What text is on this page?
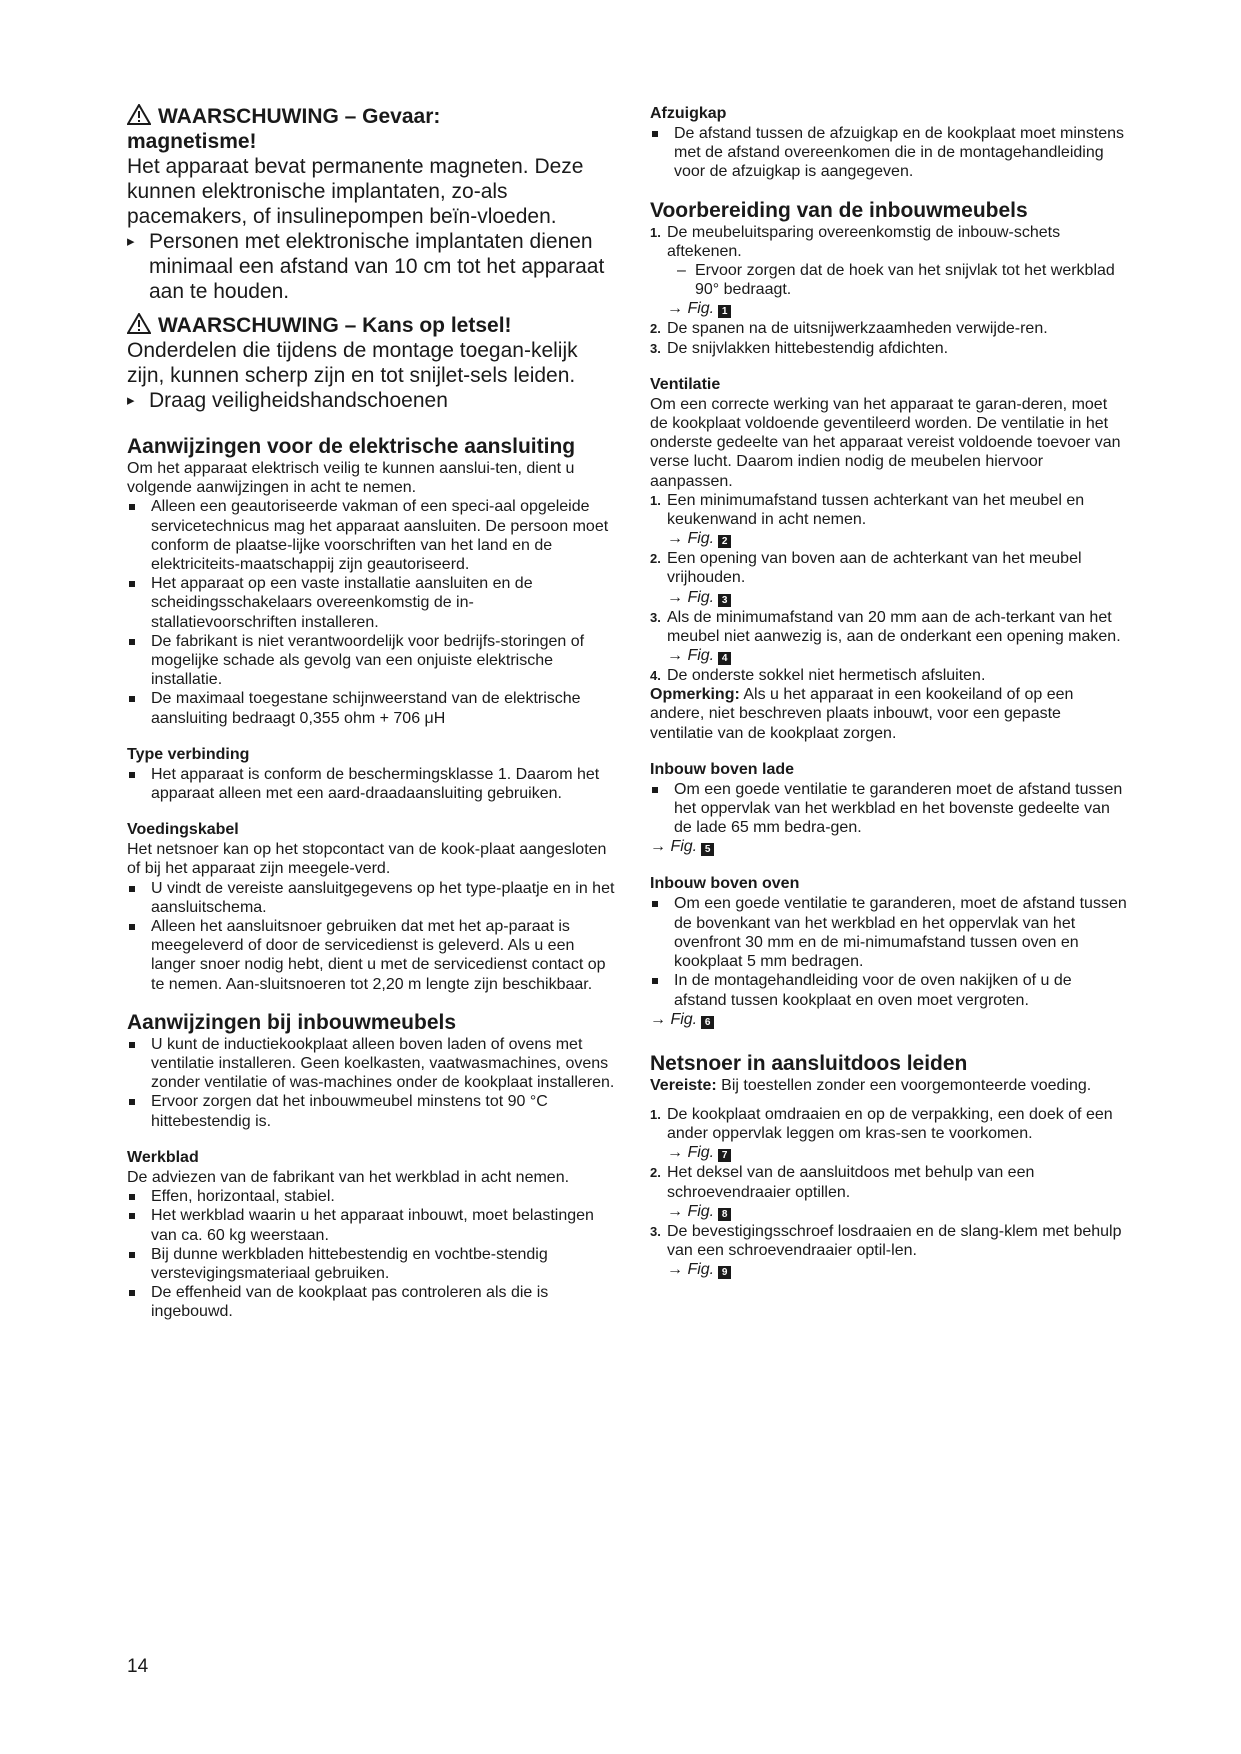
WAARSCHUWING – Gevaar:
magnetisme!

Het apparaat bevat permanente magneten. Deze kunnen elektronische implantaten, zo-als pacemakers, of insulinepompen beïn-vloeden.

▸ Personen met elektronische implantaten dienen minimaal een afstand van 10 cm tot het apparaat aan te houden.

WAARSCHUWING – Kans op letsel!

Onderdelen die tijdens de montage toegan-kelijk zijn, kunnen scherp zijn en tot snijlet-sels leiden.

▸ Draag veiligheidshandschoenen

Aanwijzingen voor de elektrische aansluiting

Om het apparaat elektrisch veilig te kunnen aanslui-ten, dient u volgende aanwijzingen in acht te nemen.

Alleen een geautoriseerde vakman of een speci-aal opgeleide servicetechnicus mag het apparaat aansluiten. De persoon moet conform de plaatse-lijke voorschriften van het land en de elektriciteits-maatschappij zijn geautoriseerd.
Het apparaat op een vaste installatie aansluiten en de scheidingsschakelaars overeenkomstig de in-stallatievoorschriften installeren.
De fabrikant is niet verantwoordelijk voor bedrijfs-storingen of mogelijke schade als gevolg van een onjuiste elektrische installatie.
De maximaal toegestane schijnweerstand van de elektrische aansluiting bedraagt 0,355 ohm + 706 μH
Type verbinding
Het apparaat is conform de beschermingsklasse 1. Daarom het apparaat alleen met een aard-draadaansluiting gebruiken.
Voedingskabel

Het netsnoer kan op het stopcontact van de kook-plaat aangesloten of bij het apparaat zijn meegele-verd.

U vindt de vereiste aansluitgegevens op het type-plaatje en in het aansluitschema.
Alleen het aansluitsnoer gebruiken dat met het ap-paraat is meegeleverd of door de servicedienst is geleverd. Als u een langer snoer nodig hebt, dient u met de servicedienst contact op te nemen. Aan-sluitsnoeren tot 2,20 m lengte zijn beschikbaar.
Aanwijzingen bij inbouwmeubels
U kunt de inductiekookplaat alleen boven laden of ovens met ventilatie installeren. Geen koelkasten, vaatwasmachines, ovens zonder ventilatie of was-machines onder de kookplaat installeren.
Ervoor zorgen dat het inbouwmeubel minstens tot 90 °C hittebestendig is.
Werkblad

De adviezen van de fabrikant van het werkblad in acht nemen.

Effen, horizontaal, stabiel.
Het werkblad waarin u het apparaat inbouwt, moet belastingen van ca. 60 kg weerstaan.
Bij dunne werkbladen hittebestendig en vochtbe-stendig verstevigingsmateriaal gebruiken.
De effenheid van de kookplaat pas controleren als die is ingebouwd.
Afzuigkap
De afstand tussen de afzuigkap en de kookplaat moet minstens met de afstand overeenkomen die in de montagehandleiding voor de afzuigkap is aangegeven.
Voorbereiding van de inbouwmeubels
1. De meubeluitsparing overeenkomstig de inbouw-schets aftekenen.
– Ervoor zorgen dat de hoek van het snijvlak tot het werkblad 90° bedraagt.
→ Fig. 1
2. De spanen na de uitsnijwerkzaamheden verwijde-ren.
3. De snijvlakken hittebestendig afdichten.
Ventilatie

Om een correcte werking van het apparaat te garan-deren, moet de kookplaat voldoende geventileerd worden. De ventilatie in het onderste gedeelte van het apparaat vereist voldoende toevoer van verse lucht. Daarom indien nodig de meubelen hiervoor aanpassen.

1. Een minimumafstand tussen achterkant van het meubel en keukenwand in acht nemen.
→ Fig. 2
2. Een opening van boven aan de achterkant van het meubel vrijhouden.
→ Fig. 3
3. Als de minimumafstand van 20 mm aan de ach-terkant van het meubel niet aanwezig is, aan de onderkant een opening maken.
→ Fig. 4
4. De onderste sokkel niet hermetisch afsluiten.

Opmerking: Als u het apparaat in een kookeiland of op een andere, niet beschreven plaats inbouwt, voor een gepaste ventilatie van de kookplaat zorgen.

Inbouw boven lade
Om een goede ventilatie te garanderen moet de afstand tussen het oppervlak van het werkblad en het bovenste gedeelte van de lade 65 mm bedra-gen.
→ Fig. 5
Inbouw boven oven
Om een goede ventilatie te garanderen, moet de afstand tussen de bovenkant van het werkblad en het oppervlak van het ovenfront 30 mm en de mi-nimumafstand tussen oven en kookplaat 5 mm bedragen.
In de montagehandleiding voor de oven nakijken of u de afstand tussen kookplaat en oven moet vergroten.
→ Fig. 6
Netsnoer in aansluitdoos leiden

Vereiste: Bij toestellen zonder een voorgemonteerde voeding.

1. De kookplaat omdraaien en op de verpakking, een doek of een ander oppervlak leggen om kras-sen te voorkomen.
→ Fig. 7
2. Het deksel van de aansluitdoos met behulp van een schroevendraaier optillen.
→ Fig. 8
3. De bevestigingsschroef losdraaien en de slang-klem met behulp van een schroevendraaier optil-len.
→ Fig. 9
14
